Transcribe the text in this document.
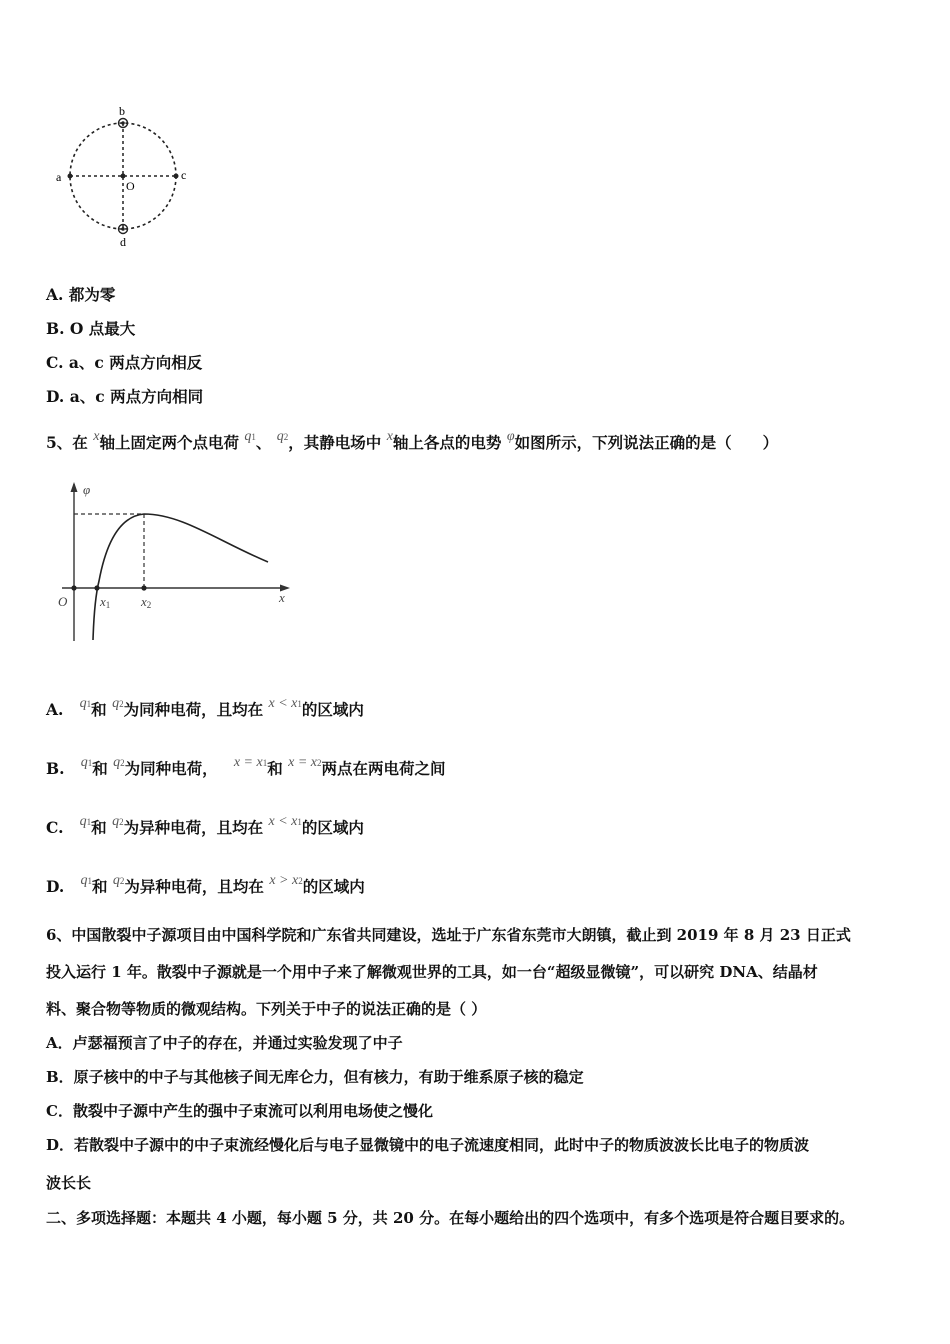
a
b
c
d
O
A. 都为零
B. O 点最大
C. a、c 两点方向相反
D. a、c 两点方向相同
5、在 x轴上固定两个点电荷 q1、 q2，其静电场中 x轴上各点的电势 φ如图所示，下列说法正确的是（　　）
φ
O	x1 x2	x
A. q1和 q2为同种电荷，且均在 x < x1的区域内
B. q1和 q2为同种电荷， x = x1和 x = x2两点在两电荷之间
C. q1和 q2为异种电荷，且均在 x < x1的区域内
D. q1和 q2为异种电荷，且均在 x > x2的区域内
6、中国散裂中子源项目由中国科学院和广东省共同建设，选址于广东省东莞市大朗镇，截止到 2019 年 8 月 23 日正式
投入运行 1 年。散裂中子源就是一个用中子来了解微观世界的工具，如一台“超级显微镜”，可以研究 DNA、结晶材
料、聚合物等物质的微观结构。下列关于中子的说法正确的是（ ）
A．卢瑟福预言了中子的存在，并通过实验发现了中子
B．原子核中的中子与其他核子间无库仑力，但有核力，有助于维系原子核的稳定
C．散裂中子源中产生的强中子束流可以利用电场使之慢化
D．若散裂中子源中的中子束流经慢化后与电子显微镜中的电子流速度相同，此时中子的物质波波长比电子的物质波
波长长
二、多项选择题：本题共 4 小题，每小题 5 分，共 20 分。在每小题给出的四个选项中，有多个选项是符合题目要求的。
